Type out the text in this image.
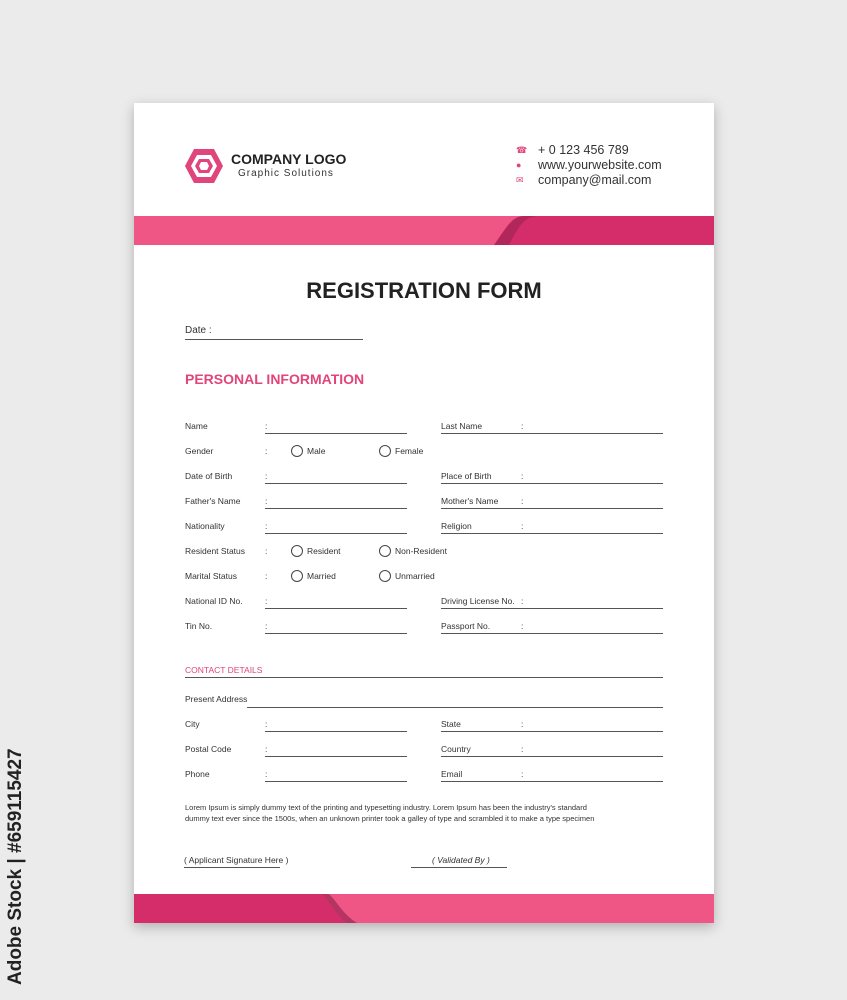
COMPANY LOGO
Graphic Solutions
☎ + 0 123 456 789
●	www.yourwebsite.com
✉ company@mail.com
REGISTRATION FORM
Date :
PERSONAL INFORMATION
CONTACT DETAILS
Present Address
Lorem Ipsum is simply dummy text of the printing and typesetting industry. Lorem Ipsum has been the industry's standard
dummy text ever since the 1500s, when an unknown printer took a galley of type and scrambled it to make a type specimen
( Applicant Signature Here )	( Validated By )
Name	:	Last Name	:
Gender	:	Male	Female
Date of Birth	:	Place of Birth	:
Father's Name	:	Mother's Name	:
Nationality	:	Religion	:
Resident Status :	Resident	Non-Resident
Marital Status	:	Married	Unmarried
National ID No.	:	Driving License No. :
Tin No.	:	Passport No.	:
City	:	State	:
Postal Code	:	Country	:
Phone	:	Email	:
Adobe Stock | #659115427
